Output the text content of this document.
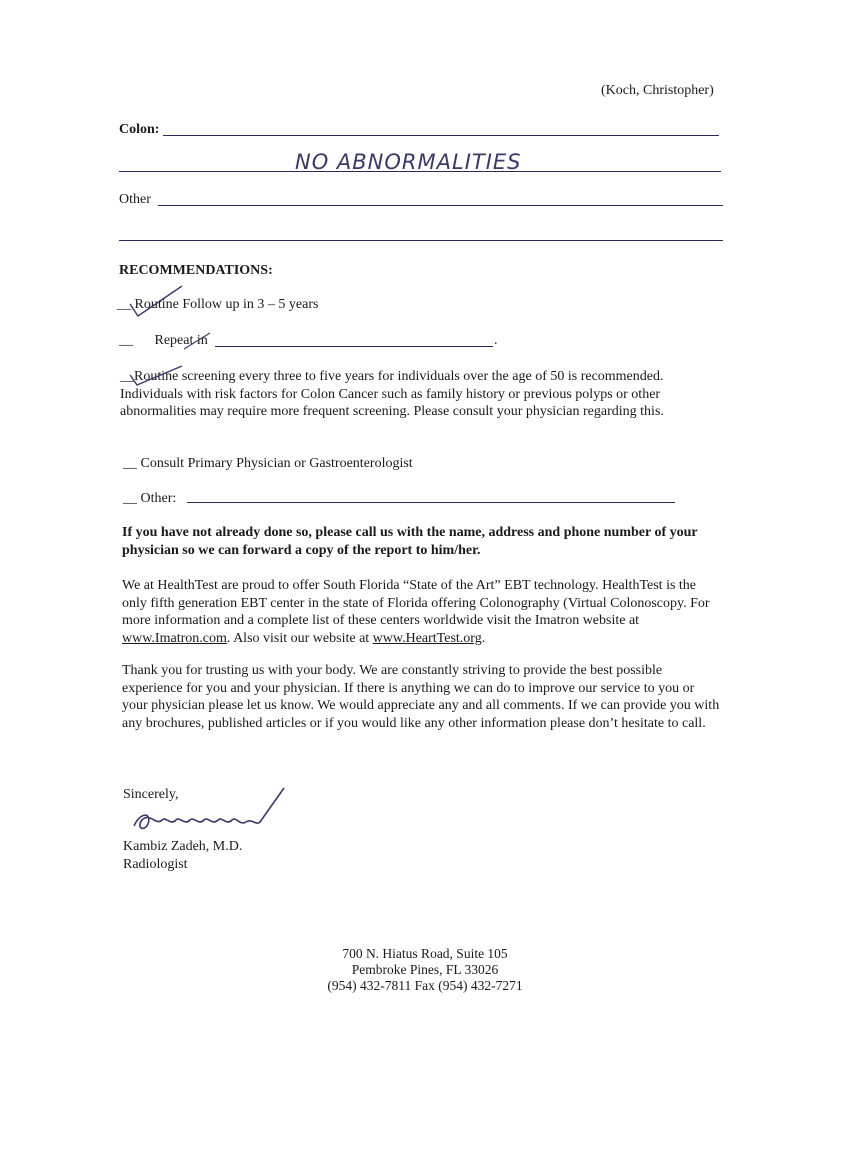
(Koch, Christopher)
Colon:
NO ABNORMALITIES
Other
RECOMMENDATIONS:
__ Routine Follow up in 3 – 5 years
__ Repeat in	.
__Routine screening every three to five years for individuals over the age of 50 is recommended. Individuals with risk factors for Colon Cancer such as family history or previous polyps or other abnormalities may require more frequent screening. Please consult your physician regarding this.
__ Consult Primary Physician or Gastroenterologist
__ Other:
If you have not already done so, please call us with the name, address and phone number of your physician so we can forward a copy of the report to him/her.
We at HealthTest are proud to offer South Florida “State of the Art” EBT technology. HealthTest is the only fifth generation EBT center in the state of Florida offering Colonography (Virtual Colonoscopy. For more information and a complete list of these centers worldwide visit the Imatron website at www.Imatron.com. Also visit our website at www.HeartTest.org.
Thank you for trusting us with your body. We are constantly striving to provide the best possible experience for you and your physician. If there is anything we can do to improve our service to you or your physician please let us know. We would appreciate any and all comments. If we can provide you with any brochures, published articles or if you would like any other information please don’t hesitate to call.
Sincerely,
Kambiz Zadeh, M.D.
Radiologist
700 N. Hiatus Road, Suite 105
Pembroke Pines, FL 33026
(954) 432-7811 Fax (954) 432-7271
